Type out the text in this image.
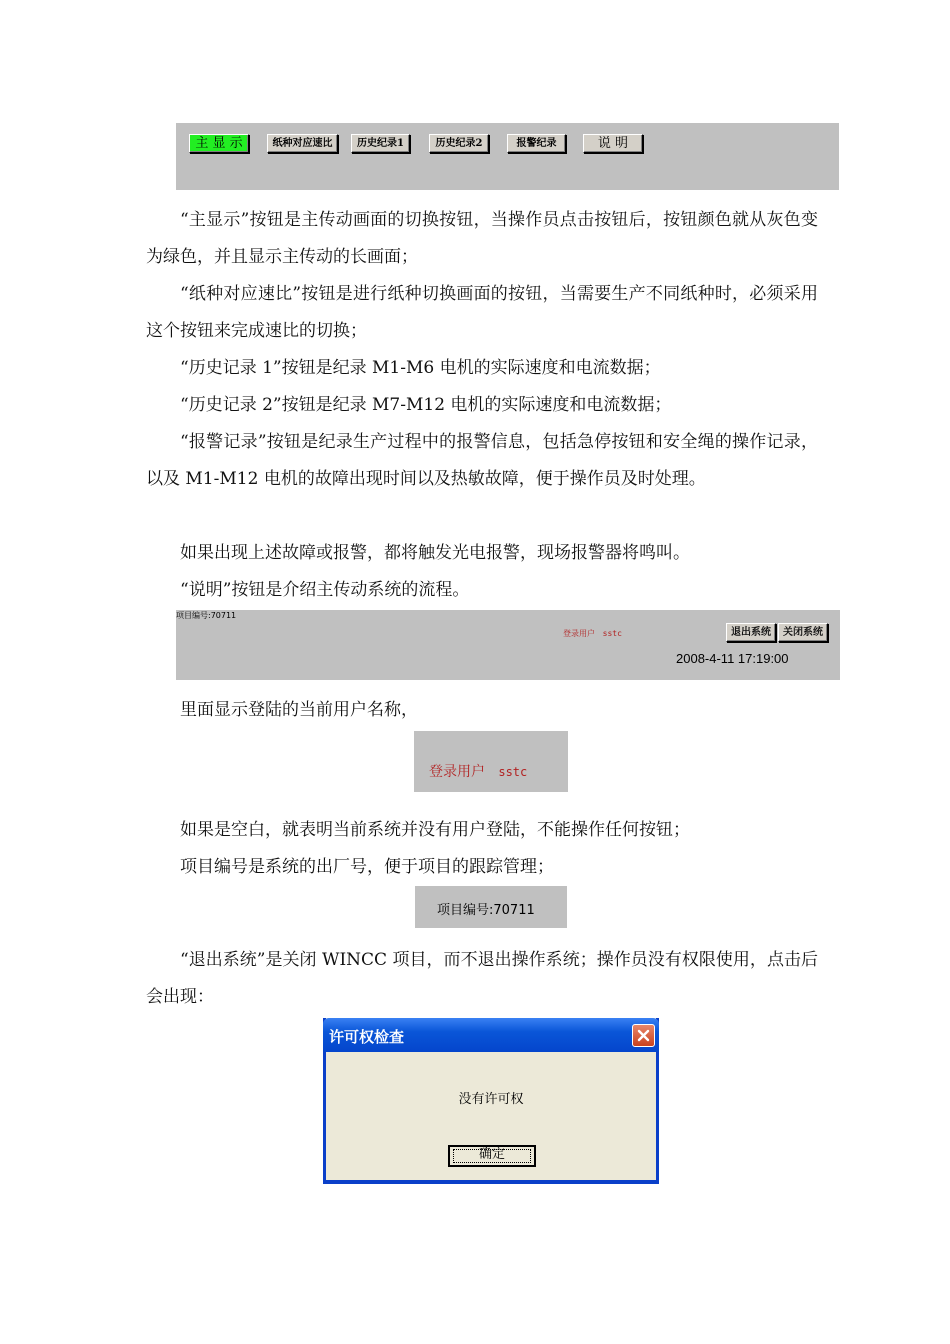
主 显 示	纸种对应速比	历史纪录1	历史纪录2	报警纪录	说 明

“主显示”按钮是主传动画面的切换按钮，当操作员点击按钮后，按钮颜色就从灰色变为绿色，并且显示主传动的长画面；

“纸种对应速比”按钮是进行纸种切换画面的按钮，当需要生产不同纸种时，必须采用这个按钮来完成速比的切换；

“历史记录 1”按钮是纪录 M1-M6 电机的实际速度和电流数据；

“历史记录 2”按钮是纪录 M7-M12 电机的实际速度和电流数据；

“报警记录”按钮是纪录生产过程中的报警信息，包括急停按钮和安全绳的操作记录，以及 M1-M12 电机的故障出现时间以及热敏故障，便于操作员及时处理。

如果出现上述故障或报警，都将触发光电报警，现场报警器将鸣叫。

“说明”按钮是介绍主传动系统的流程。

登录用户 sstc
项目编号:70711
2008-4-11 17:19:00
退出系统	关闭系统

里面显示登陆的当前用户名称，

登录用户 sstc

如果是空白，就表明当前系统并没有用户登陆，不能操作任何按钮；

项目编号是系统的出厂号，便于项目的跟踪管理；

项目编号:70711

“退出系统”是关闭 WINCC 项目，而不退出操作系统；操作员没有权限使用，点击后会出现：

许可权检查
没有许可权
确定
